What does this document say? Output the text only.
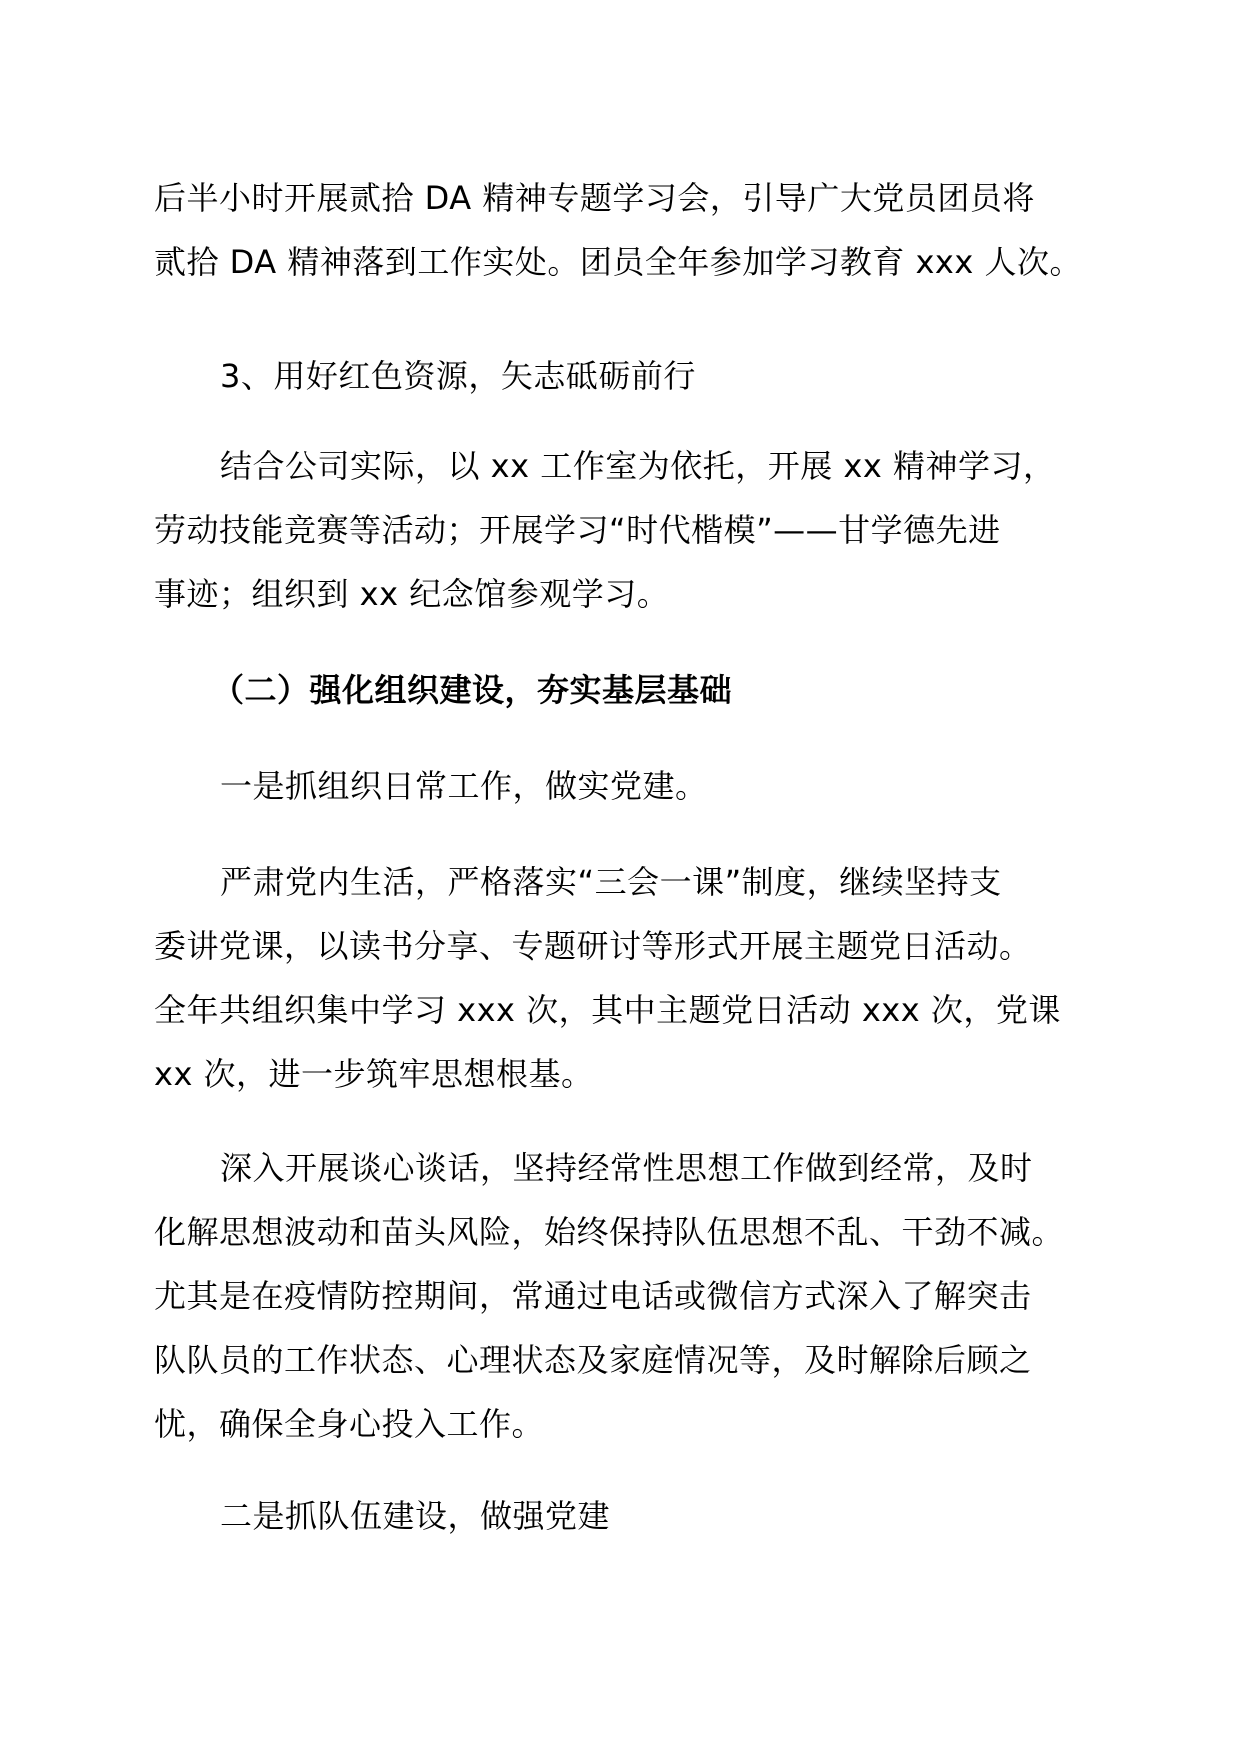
后半小时开展贰拾 DA 精神专题学习会，引导广大党员团员将
贰拾 DA 精神落到工作实处。团员全年参加学习教育 xxx 人次。

3、用好红色资源，矢志砥砺前行

结合公司实际，以 xx 工作室为依托，开展 xx 精神学习，
劳动技能竞赛等活动；开展学习“时代楷模”——甘学德先进
事迹；组织到 xx 纪念馆参观学习。

（二）强化组织建设，夯实基层基础

一是抓组织日常工作，做实党建。

严肃党内生活，严格落实“三会一课”制度，继续坚持支
委讲党课，以读书分享、专题研讨等形式开展主题党日活动。
全年共组织集中学习 xxx 次，其中主题党日活动 xxx 次，党课
xx 次，进一步筑牢思想根基。

深入开展谈心谈话，坚持经常性思想工作做到经常，及时
化解思想波动和苗头风险，始终保持队伍思想不乱、干劲不减。
尤其是在疫情防控期间，常通过电话或微信方式深入了解突击
队队员的工作状态、心理状态及家庭情况等，及时解除后顾之
忧，确保全身心投入工作。

二是抓队伍建设，做强党建
